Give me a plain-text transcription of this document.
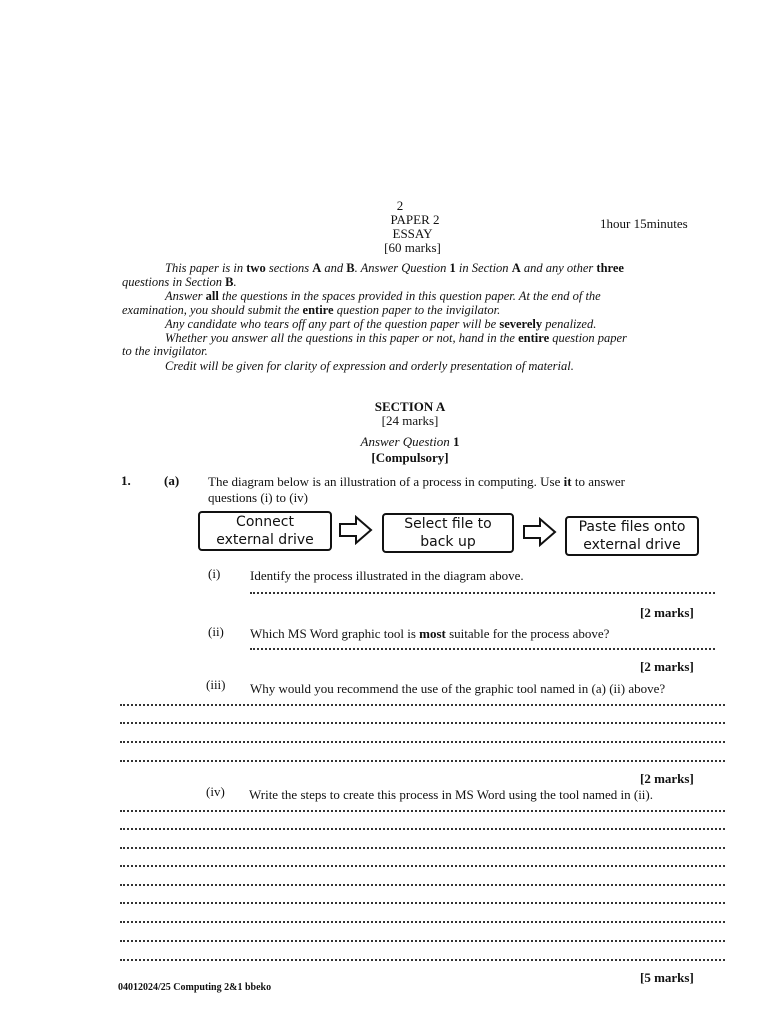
2
PAPER 2
ESSAY
[60 marks]
1hour 15minutes
This paper is in two sections A and B. Answer Question 1 in Section A and any other three
questions in Section B.
Answer all the questions in the spaces provided in this question paper. At the end of the
examination, you should submit the entire question paper to the invigilator.
Any candidate who tears off any part of the question paper will be severely penalized.
Whether you answer all the questions in this paper or not, hand in the entire question paper
to the invigilator.
Credit will be given for clarity of expression and orderly presentation of material.
SECTION A
[24 marks]
Answer Question 1
[Compulsory]
1.	(a) The diagram below is an illustration of a process in computing. Use it to answer
questions (i) to (iv)
Connect
external drive
Select file to
back up
Paste files onto
external drive
(i) Identify the process illustrated in the diagram above.
[2 marks]
(ii) Which MS Word graphic tool is most suitable for the process above?
[2 marks]
(iii) Why would you recommend the use of the graphic tool named in (a) (ii) above?
[2 marks]
(iv) Write the steps to create this process in MS Word using the tool named in (ii).
[5 marks]
04012024/25 Computing 2&1 bbeko
